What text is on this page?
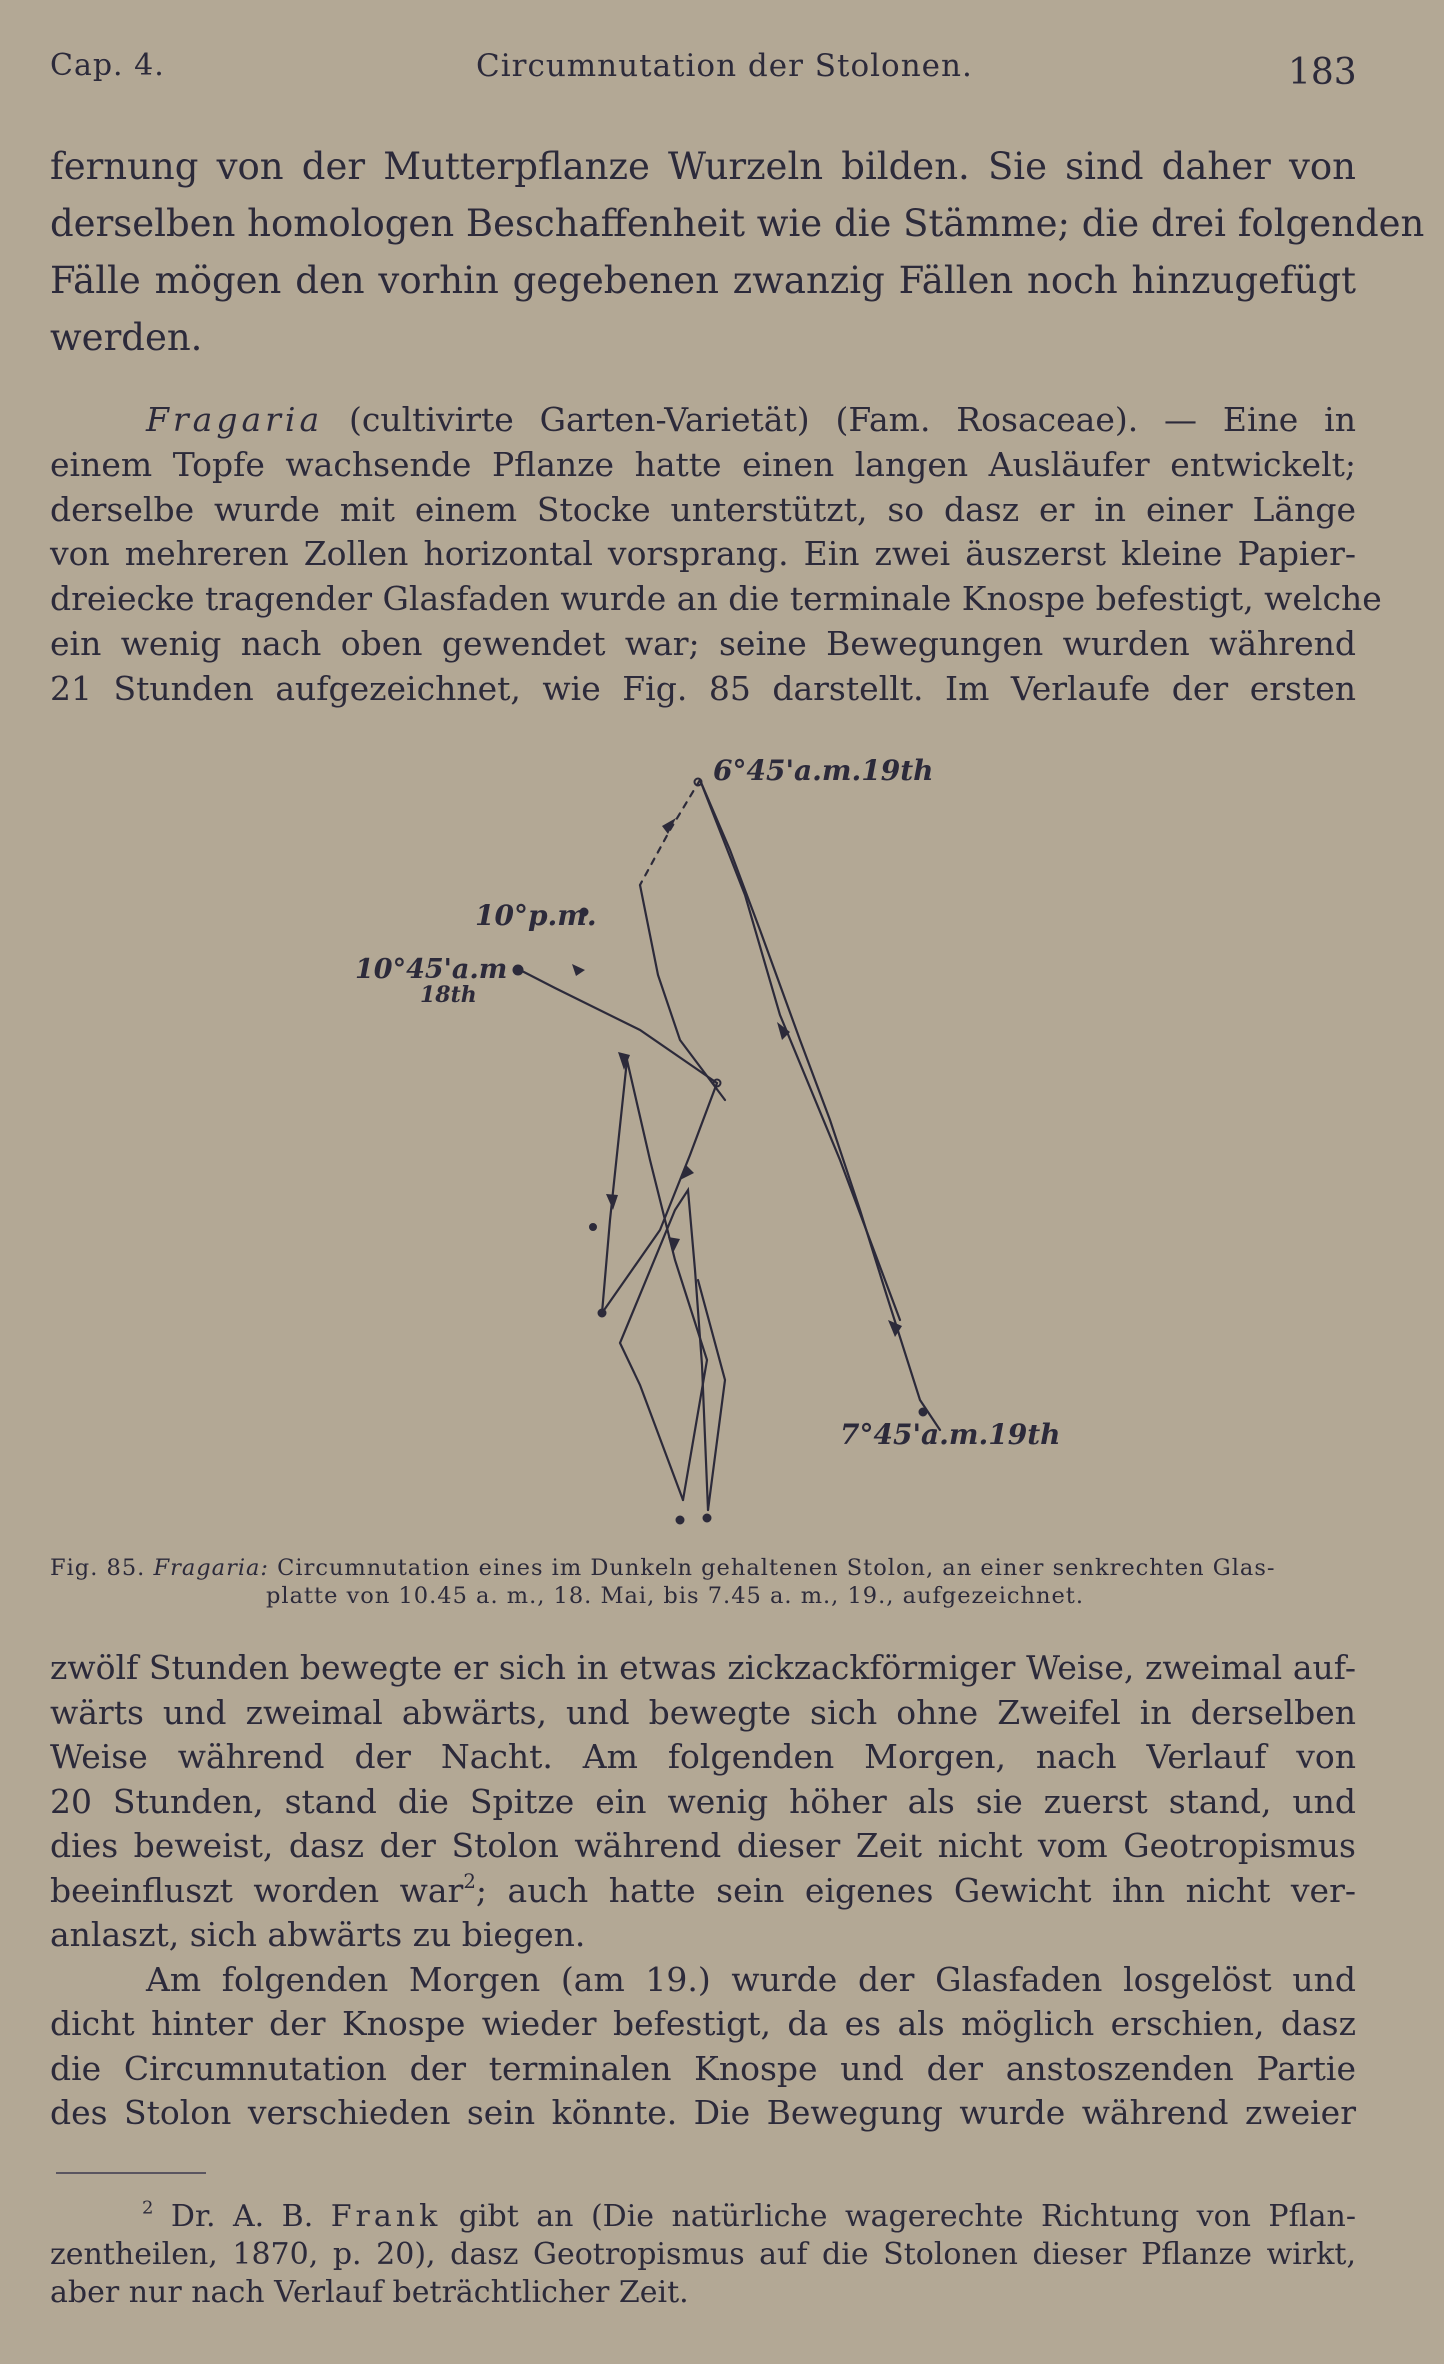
Cap. 4.	Circumnutation der Stolonen.	183
fernung von der Mutterpflanze Wurzeln bilden. Sie sind daher von
derselben homologen Beschaffenheit wie die Stämme; die drei folgenden
Fälle mögen den vorhin gegebenen zwanzig Fällen noch hinzugefügt
werden.
Fragaria (cultivirte Garten-Varietät) (Fam. Rosaceae). — Eine in
einem Topfe wachsende Pflanze hatte einen langen Ausläufer entwickelt;
derselbe wurde mit einem Stocke unterstützt, so dasz er in einer Länge
von mehreren Zollen horizontal vorsprang. Ein zwei äuszerst kleine Papier-
dreiecke tragender Glasfaden wurde an die terminale Knospe befestigt, welche
ein wenig nach oben gewendet war; seine Bewegungen wurden während
21 Stunden aufgezeichnet, wie Fig. 85 darstellt. Im Verlaufe der ersten
6°45'a.m.19th
10°p.m.
10°45'a.m
18th
7°45'a.m.19th
Fig. 85. Fragaria: Circumnutation eines im Dunkeln gehaltenen Stolon, an einer senkrechten Glas-
platte von 10.45 a. m., 18. Mai, bis 7.45 a. m., 19., aufgezeichnet.
zwölf Stunden bewegte er sich in etwas zickzackförmiger Weise, zweimal auf-
wärts und zweimal abwärts, und bewegte sich ohne Zweifel in derselben
Weise während der Nacht. Am folgenden Morgen, nach Verlauf von
20 Stunden, stand die Spitze ein wenig höher als sie zuerst stand, und
dies beweist, dasz der Stolon während dieser Zeit nicht vom Geotropismus
beeinfluszt worden war$^2$; auch hatte sein eigenes Gewicht ihn nicht ver-
anlaszt, sich abwärts zu biegen.
Am folgenden Morgen (am 19.) wurde der Glasfaden losgelöst und
dicht hinter der Knospe wieder befestigt, da es als möglich erschien, dasz
die Circumnutation der terminalen Knospe und der anstoszenden Partie
des Stolon verschieden sein könnte. Die Bewegung wurde während zweier
$^2$ Dr. A. B. Frank gibt an (Die natürliche wagerechte Richtung von Pflan-
zentheilen, 1870, p. 20), dasz Geotropismus auf die Stolonen dieser Pflanze wirkt,
aber nur nach Verlauf beträchtlicher Zeit.
